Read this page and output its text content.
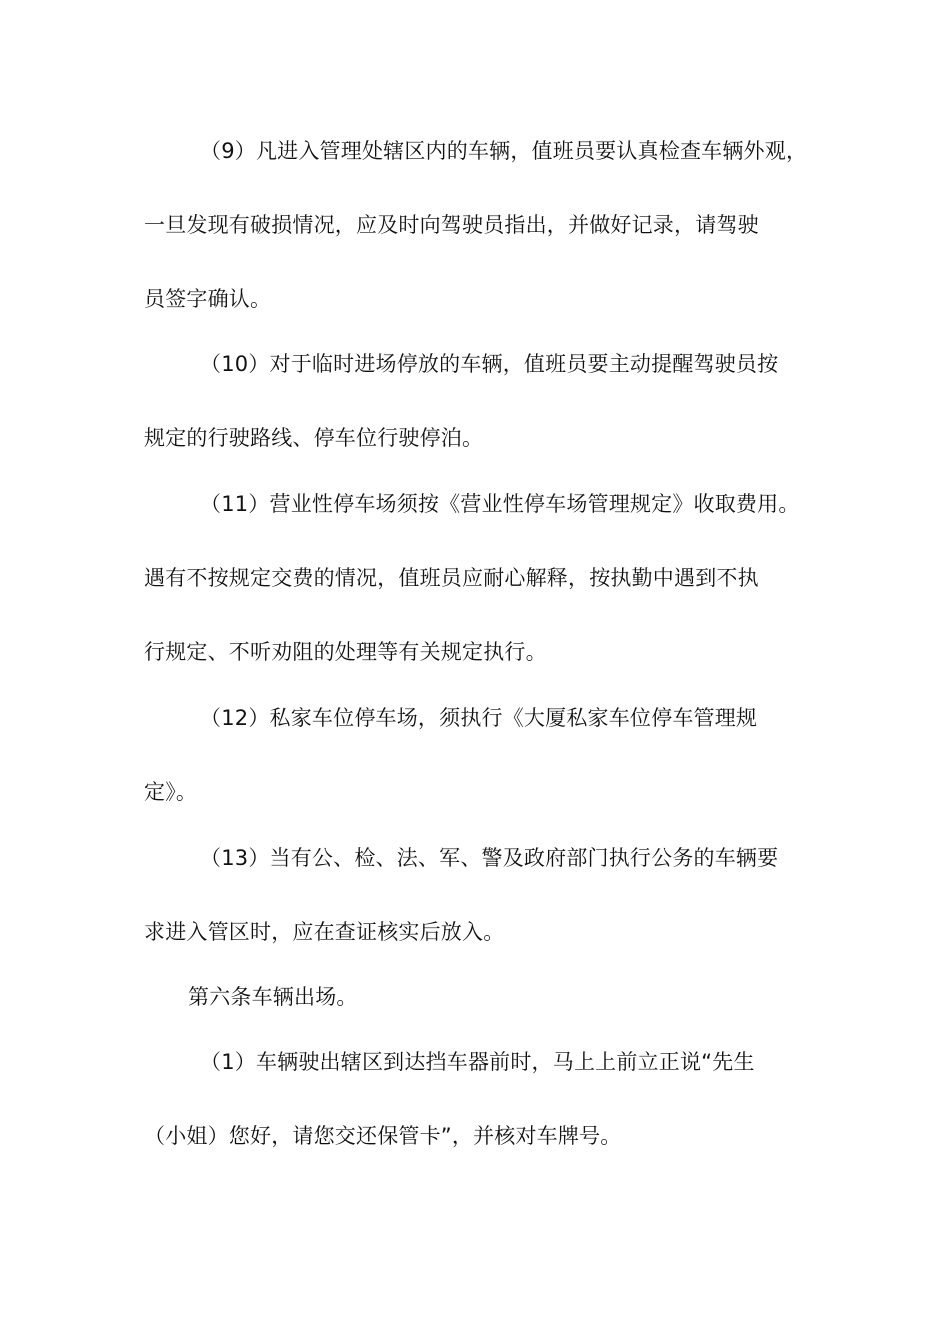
（9）凡进入管理处辖区内的车辆，值班员要认真检查车辆外观，
一旦发现有破损情况，应及时向驾驶员指出，并做好记录，请驾驶
员签字确认。
（10）对于临时进场停放的车辆，值班员要主动提醒驾驶员按
规定的行驶路线、停车位行驶停泊。
（11）营业性停车场须按《营业性停车场管理规定》收取费用。
遇有不按规定交费的情况，值班员应耐心解释，按执勤中遇到不执
行规定、不听劝阻的处理等有关规定执行。
（12）私家车位停车场，须执行《大厦私家车位停车管理规
定》。
（13）当有公、检、法、军、警及政府部门执行公务的车辆要
求进入管区时，应在查证核实后放入。
第六条车辆出场。
（1）车辆驶出辖区到达挡车器前时，马上上前立正说“先生
（小姐）您好，请您交还保管卡”，并核对车牌号。
